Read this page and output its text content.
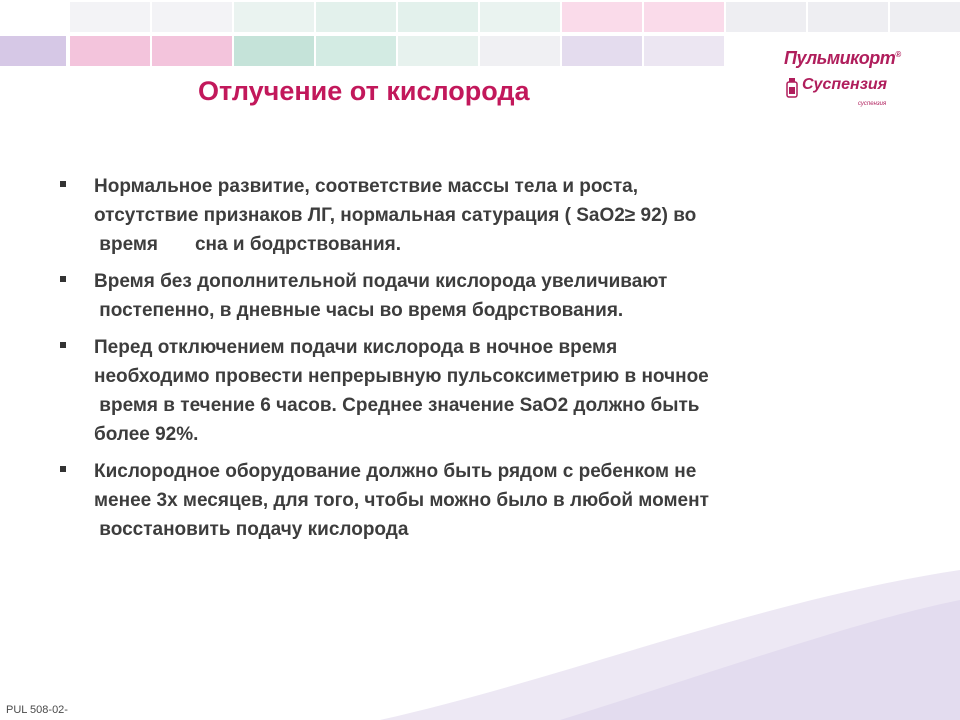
Отлучение от кислорода
Пульмикорт®
Суспензия
суспензия
Нормальное развитие, соответствие массы тела и роста,
отсутствие признаков ЛГ, нормальная сатурация ( SaO2≥ 92) во
время       сна и бодрствования.
Время без дополнительной подачи кислорода увеличивают
постепенно, в дневные часы во время бодрствования.
Перед отключением подачи кислорода в ночное время
необходимо провести непрерывную пульсоксиметрию в ночное
время в течение 6 часов. Среднее значение SaO2 должно быть
более 92%.
Кислородное оборудование должно быть рядом с ребенком не
менее 3х месяцев, для того, чтобы можно было в любой момент
восстановить подачу кислорода
PUL 508-02-
